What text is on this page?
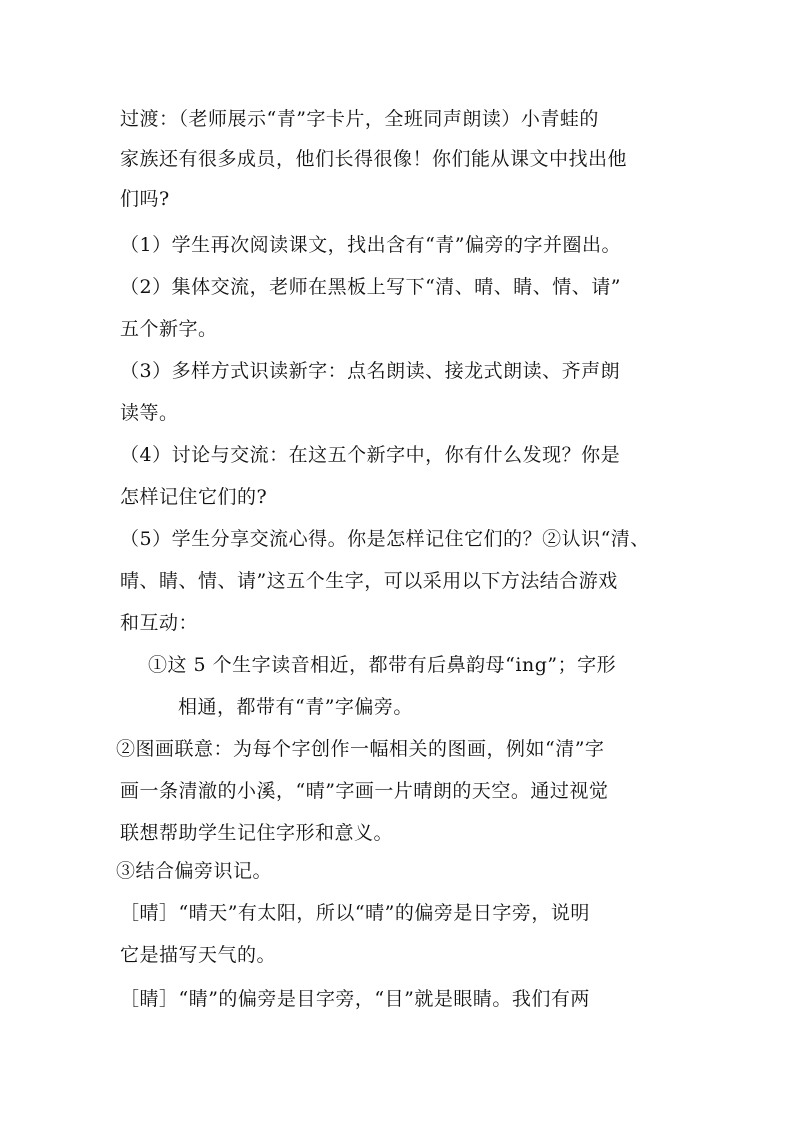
过渡：（老师展示“青”字卡片，全班同声朗读）小青蛙的
家族还有很多成员，他们长得很像！你们能从课文中找出他
们吗?
（1）学生再次阅读课文，找出含有“青”偏旁的字并圈出。
（2）集体交流，老师在黑板上写下“清、晴、睛、情、请”
五个新字。
（3）多样方式识读新字：点名朗读、接龙式朗读、齐声朗
读等。
（4）讨论与交流：在这五个新字中，你有什么发现？你是
怎样记住它们的?
（5）学生分享交流心得。你是怎样记住它们的？②认识“清、
晴、睛、情、请”这五个生字，可以采用以下方法结合游戏
和互动：
①这 5 个生字读音相近，都带有后鼻韵母“ing”；字形
相通，都带有“青”字偏旁。
②图画联意：为每个字创作一幅相关的图画，例如“清”字
画一条清澈的小溪，“晴”字画一片晴朗的天空。通过视觉
联想帮助学生记住字形和意义。
③结合偏旁识记。
［晴］“晴天”有太阳，所以“晴”的偏旁是日字旁，说明
它是描写天气的。
［睛］“睛”的偏旁是目字旁，“目”就是眼睛。我们有两
